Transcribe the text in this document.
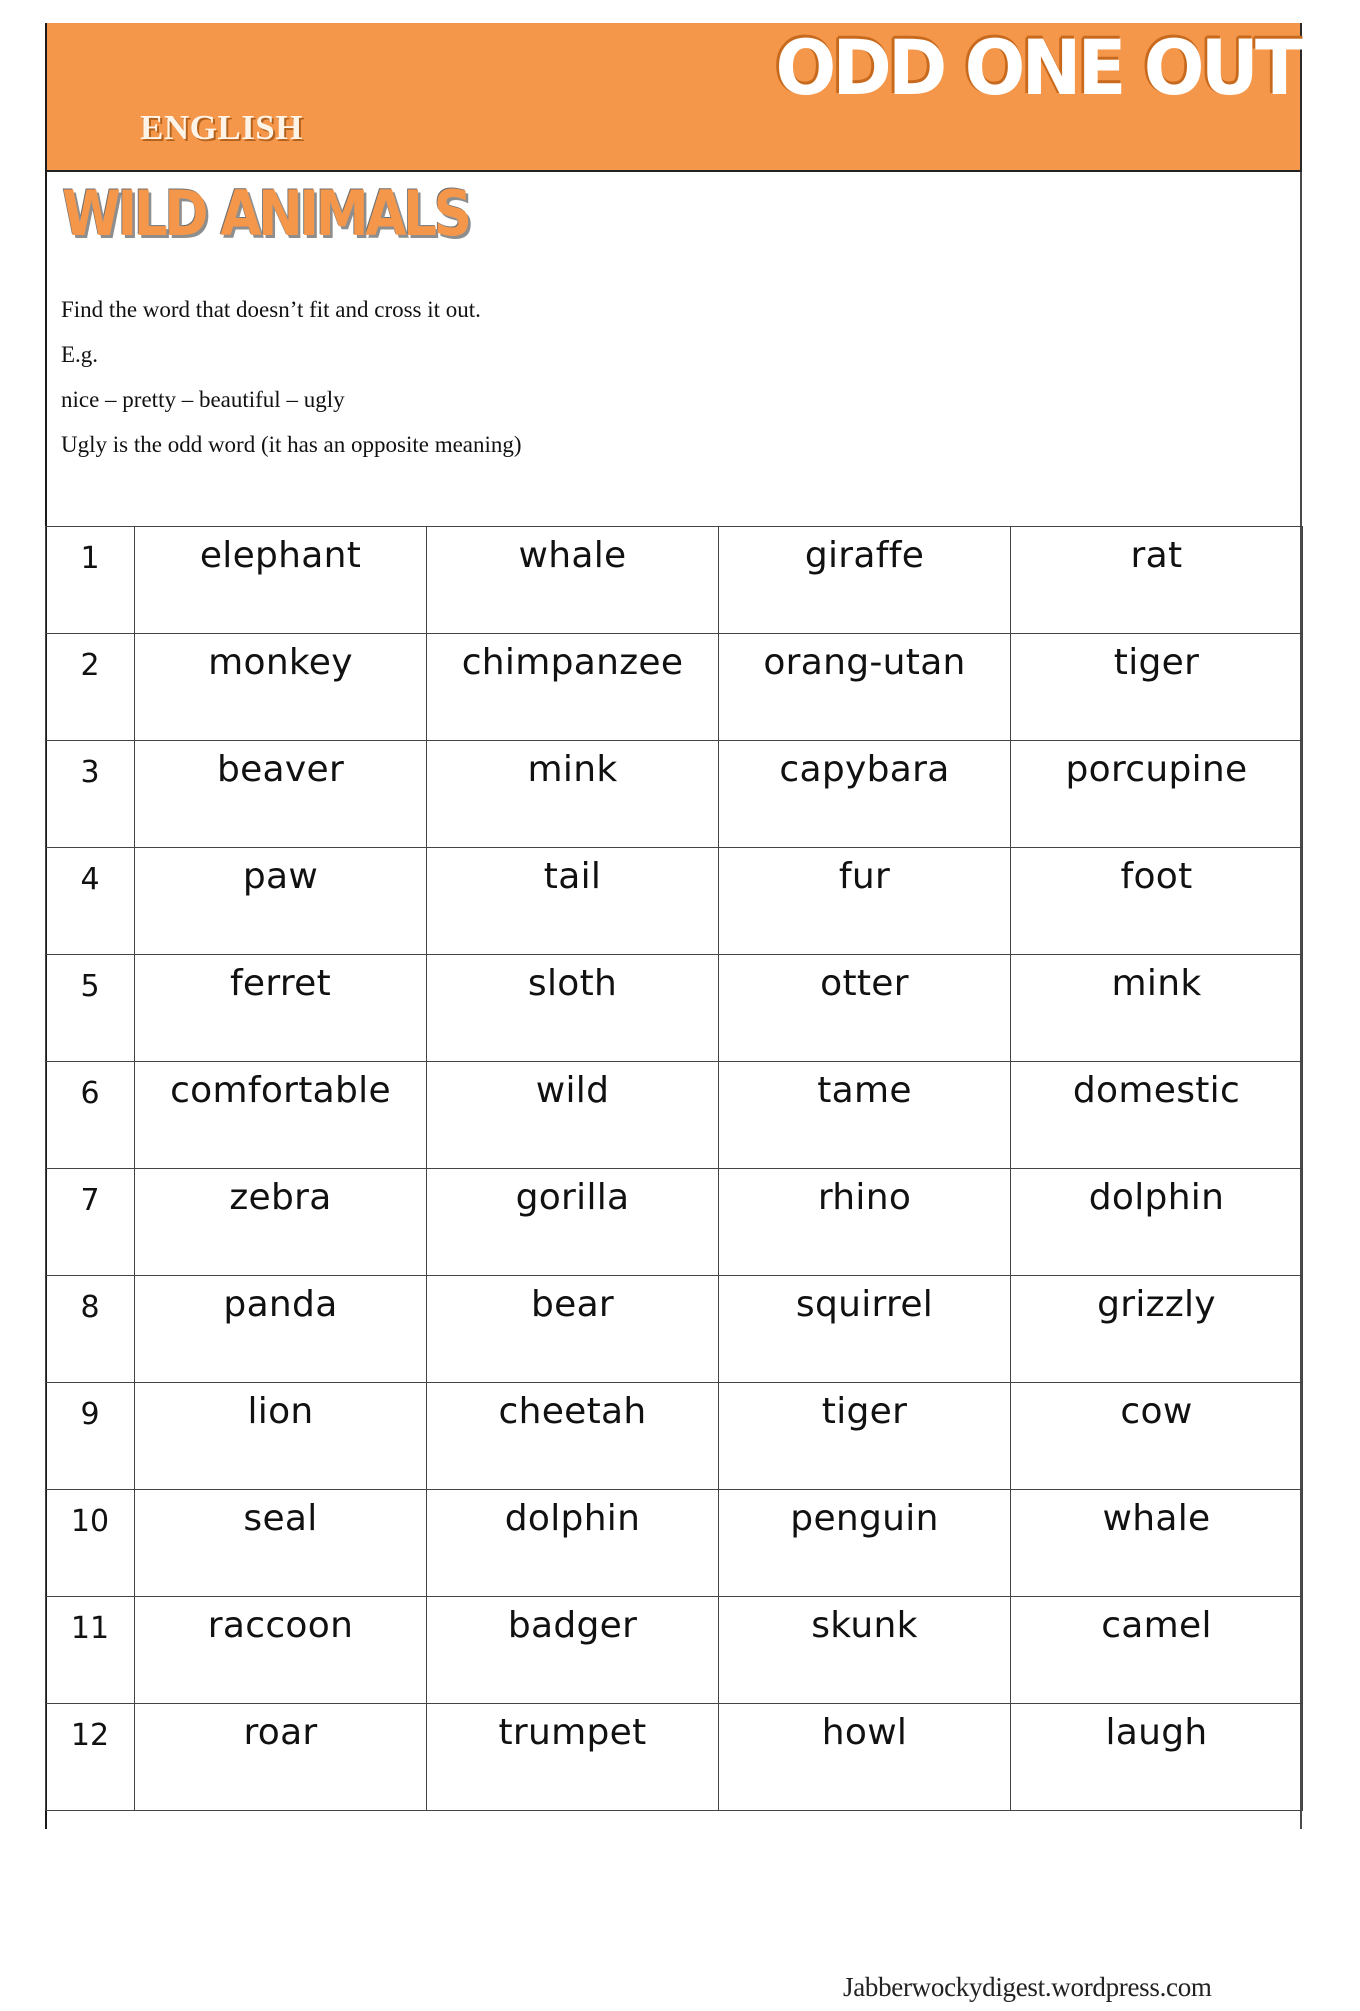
ENGLISH
ODD ONE OUT
WILD ANIMALS
Find the word that doesn’t fit and cross it out.
E.g.
nice – pretty – beautiful – ugly
Ugly is the odd word (it has an opposite meaning)
1	elephant	whale	giraffe	rat
2	monkey	chimpanzee	orang-utan	tiger
3	beaver	mink	capybara	porcupine
4	paw	tail	fur	foot
5	ferret	sloth	otter	mink
6	comfortable	wild	tame	domestic
7	zebra	gorilla	rhino	dolphin
8	panda	bear	squirrel	grizzly
9	lion	cheetah	tiger	cow
10	seal	dolphin	penguin	whale
11	raccoon	badger	skunk	camel
12	roar	trumpet	howl	laugh
Jabberwockydigest.wordpress.com
